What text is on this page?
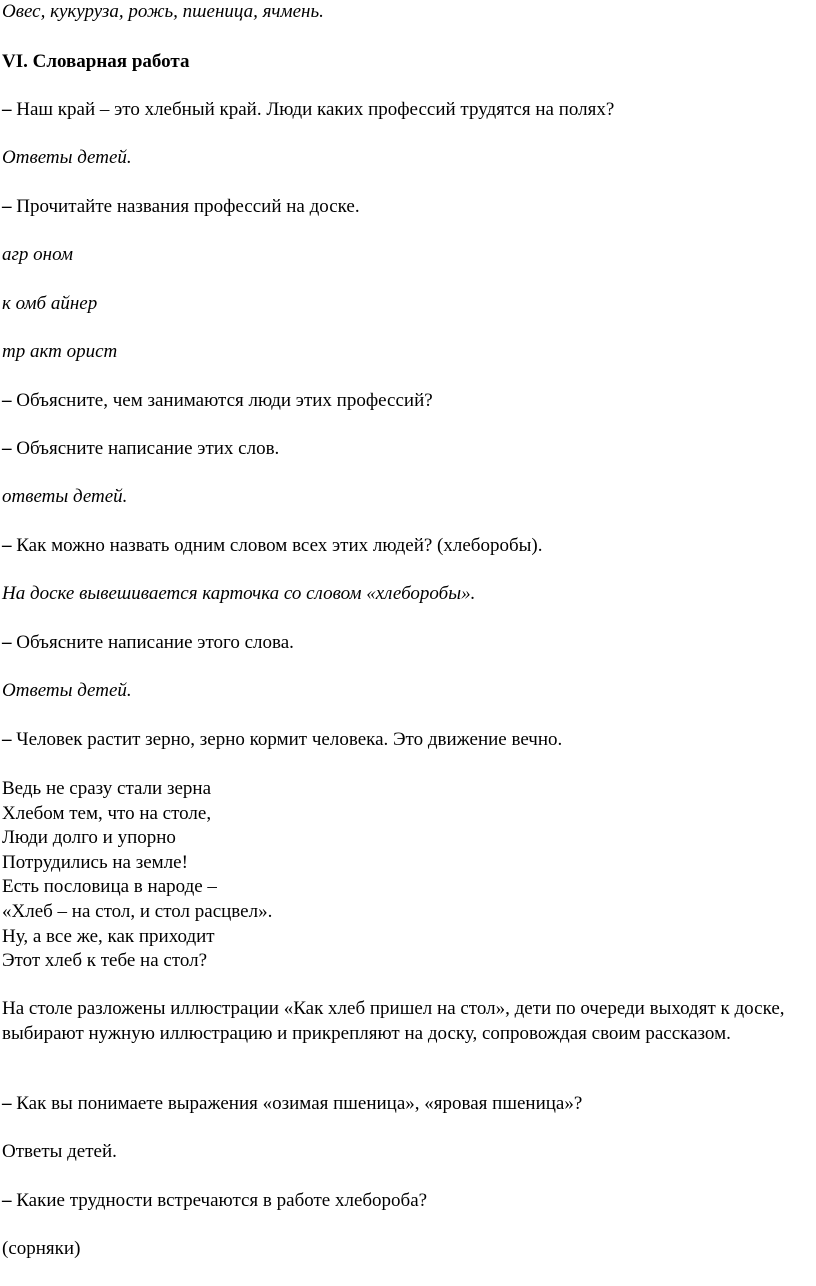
Овес, кукуруза, рожь, пшеница, ячмень.

VI. Словарная работа

– Наш край – это хлебный край. Люди каких профессий трудятся на полях?

Ответы детей.

– Прочитайте названия профессий на доске.

агр оном

к омб айнер

тр акт орист

– Объясните, чем занимаются люди этих профессий?

– Объясните написание этих слов.

ответы детей.

– Как можно назвать одним словом всех этих людей? (хлеборобы).

На доске вывешивается карточка со словом «хлеборобы».

– Объясните написание этого слова.

Ответы детей.

– Человек растит зерно, зерно кормит человека. Это движение вечно.

Ведь не сразу стали зерна
Хлебом тем, что на столе,
Люди долго и упорно
Потрудились на земле!
Есть пословица в народе –
«Хлеб – на стол, и стол расцвел».
Ну, а все же, как приходит
Этот хлеб к тебе на стол?

На столе разложены иллюстрации «Как хлеб пришел на стол», дети по очереди выходят к доске, выбирают нужную иллюстрацию и прикрепляют на доску, сопровождая своим рассказом.

– Как вы понимаете выражения «озимая пшеница», «яровая пшеница»?

Ответы детей.

– Какие трудности встречаются в работе хлебороба?

(сорняки)
